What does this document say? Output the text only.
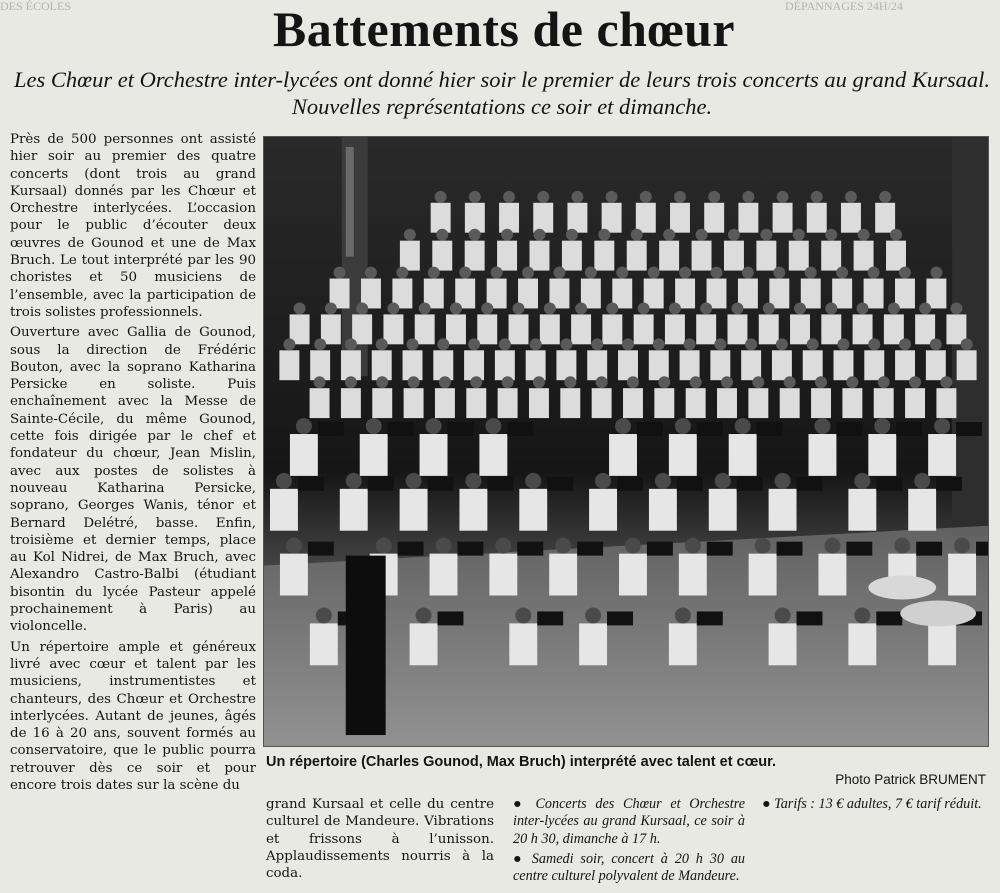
DES ÉCOLES	DÉPANNAGES 24H/24
Battements de chœur
Les Chœur et Orchestre inter-lycées ont donné hier soir le premier de leurs trois concerts au grand Kursaal. Nouvelles représentations ce soir et dimanche.

Près de 500 personnes ont assisté hier soir au premier des quatre concerts (dont trois au grand Kursaal) donnés par les Chœur et Orchestre interlycées. L’occasion pour le public d’écouter deux œuvres de Gounod et une de Max Bruch. Le tout interprété par les 90 choristes et 50 musiciens de l’ensemble, avec la participation de trois solistes professionnels.

Ouverture avec Gallia de Gounod, sous la direction de Frédéric Bouton, avec la soprano Katharina Persicke en soliste. Puis enchaînement avec la Messe de Sainte-Cécile, du même Gounod, cette fois dirigée par le chef et fondateur du chœur, Jean Mislin, avec aux postes de solistes à nouveau Katharina Persicke, soprano, Georges Wanis, ténor et Bernard Delétré, basse. Enfin, troisième et dernier temps, place au Kol Nidrei, de Max Bruch, avec Alexandro Castro-Balbi (étudiant bisontin du lycée Pasteur appelé prochainement à Paris) au violoncelle.

Un répertoire ample et généreux livré avec cœur et talent par les musiciens, instrumentistes et chanteurs, des Chœur et Orchestre interlycées. Autant de jeunes, âgés de 16 à 20 ans, souvent formés au conservatoire, que le public pourra retrouver dès ce soir et pour encore trois dates sur la scène du

Un répertoire (Charles Gounod, Max Bruch) interprété avec talent et cœur.
Photo Patrick BRUMENT

grand Kursaal et celle du centre culturel de Mandeure. Vibrations et frissons à l’unisson. Applaudissements nourris à la coda.

● Concerts des Chœur et Orchestre inter-lycées au grand Kursaal, ce soir à 20 h 30, dimanche à 17 h.

● Samedi soir, concert à 20 h 30 au centre culturel polyvalent de Mandeure.

● Tarifs : 13 € adultes, 7 € tarif réduit.
